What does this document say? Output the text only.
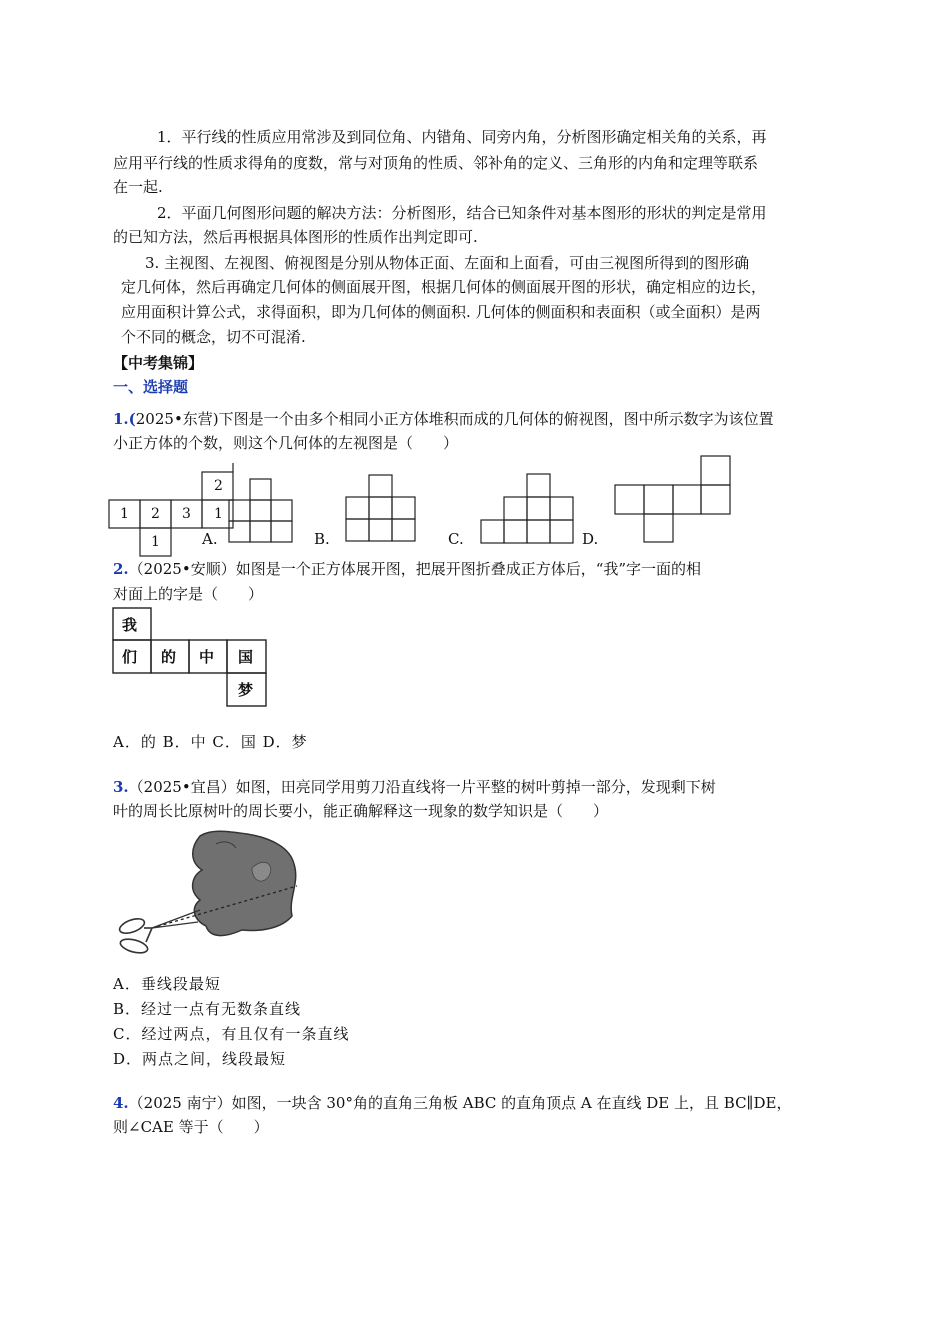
1．平行线的性质应用常涉及到同位角、内错角、同旁内角，分析图形确定相关角的关系，再
应用平行线的性质求得角的度数，常与对顶角的性质、邻补角的定义、三角形的内角和定理等联系
在一起.
2．平面几何图形问题的解决方法：分析图形，结合已知条件对基本图形的形状的判定是常用
的已知方法，然后再根据具体图形的性质作出判定即可.
3. 主视图、左视图、俯视图是分别从物体正面、左面和上面看，可由三视图所得到的图形确
定几何体，然后再确定几何体的侧面展开图，根据几何体的侧面展开图的形状，确定相应的边长，
应用面积计算公式，求得面积，即为几何体的侧面积. 几何体的侧面积和表面积（或全面积）是两
个不同的概念，切不可混淆.
【中考集锦】
一、选择题
1.(2025•东营)下图是一个由多个相同小正方体堆积而成的几何体的俯视图，图中所示数字为该位置
小正方体的个数，则这个几何体的左视图是（　　）
1 2 3
2
1
1	A.	B.	C.	D.
2.（2025•安顺）如图是一个正方体展开图，把展开图折叠成正方体后，“我”字一面的相
对面上的字是（　　）
我
们 的 中 国
梦
A．的 B．中 C．国 D．梦
3.（2025•宜昌）如图，田亮同学用剪刀沿直线将一片平整的树叶剪掉一部分，发现剩下树
叶的周长比原树叶的周长要小，能正确解释这一现象的数学知识是（　　）
A．垂线段最短
B．经过一点有无数条直线
C．经过两点，有且仅有一条直线
D．两点之间，线段最短
4.（2025 南宁）如图，一块含 30°角的直角三角板 ABC 的直角顶点 A 在直线 DE 上，且 BC∥DE，
则∠CAE 等于（　　）
